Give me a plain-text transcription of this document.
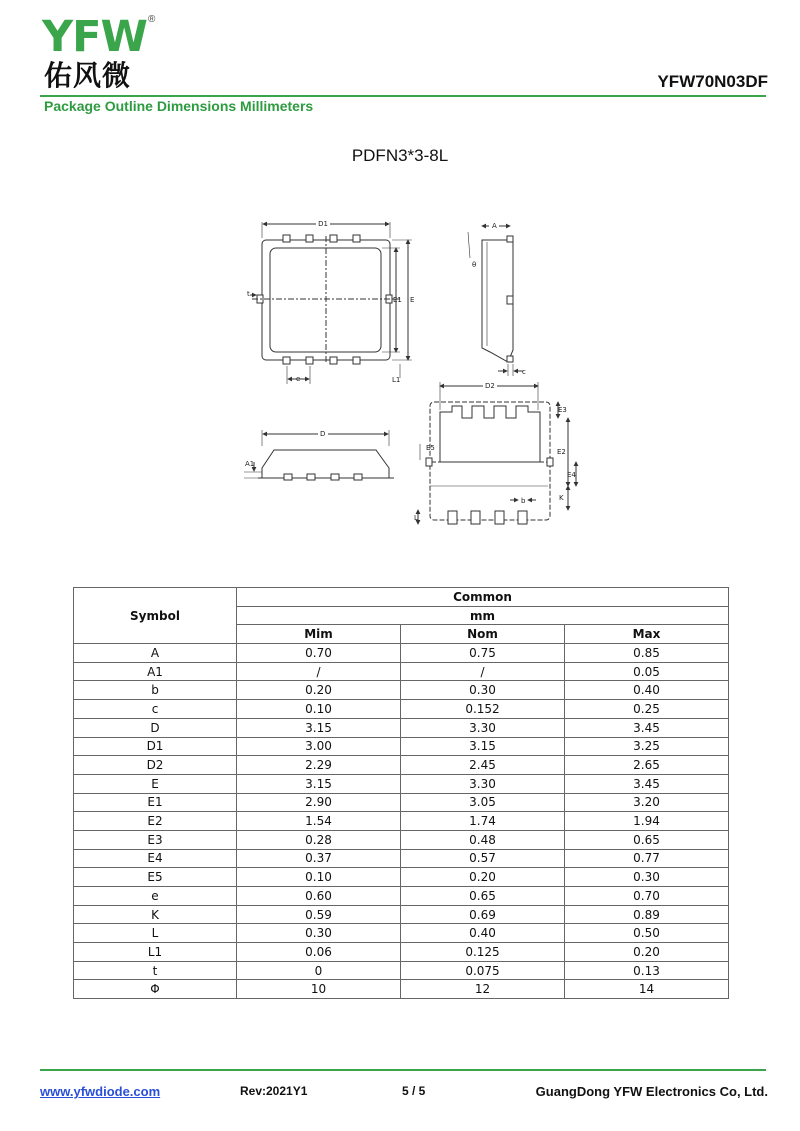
YFW ®
佑风微	YFW70N03DF
Package Outline Dimensions Millimeters
PDFN3*3-8L
D1
E1 E
t
e	L1
A
θ
c
D
A1
D2
E3
E2
E4
K
E5
b
L
Symbol	Common		
	mm		
	Mim	Nom	Max
A	0.70	0.75	0.85
A1	/	/	0.05
b	0.20	0.30	0.40
c	0.10	0.152	0.25
D	3.15	3.30	3.45
D1	3.00	3.15	3.25
D2	2.29	2.45	2.65
E	3.15	3.30	3.45
E1	2.90	3.05	3.20
E2	1.54	1.74	1.94
E3	0.28	0.48	0.65
E4	0.37	0.57	0.77
E5	0.10	0.20	0.30
e	0.60	0.65	0.70
K	0.59	0.69	0.89
L	0.30	0.40	0.50
L1	0.06	0.125	0.20
t	0	0.075	0.13
Φ	10	12	14
www.yfwdiode.com	Rev:2021Y1	5 / 5	GuangDong YFW Electronics Co, Ltd.
